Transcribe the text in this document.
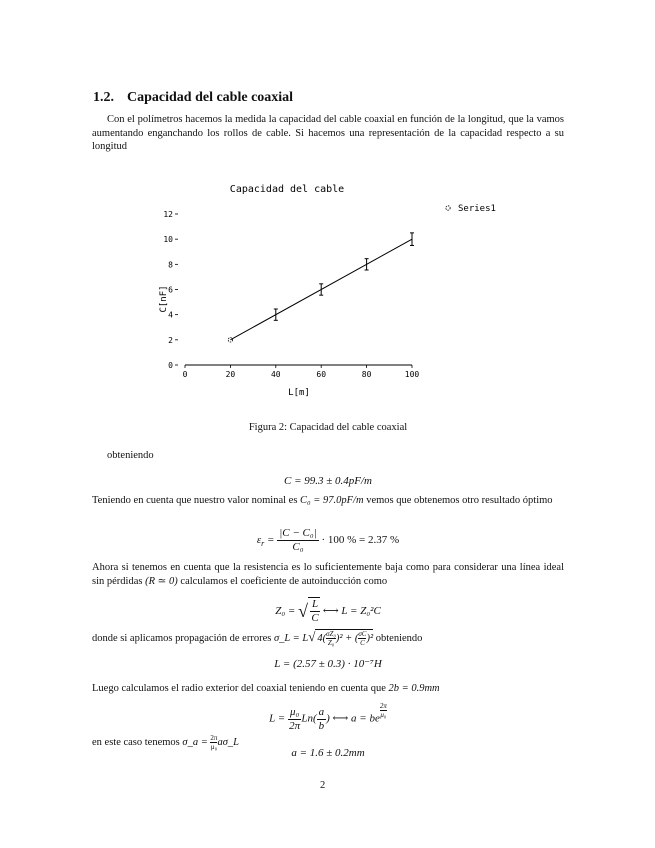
1.2. Capacidad del cable coaxial
Con el polímetros hacemos la medida la capacidad del cable coaxial en función de la longitud, que la vamos aumentando enganchando los rollos de cable. Si hacemos una representación de la capacidad respecto a su longitud
Capacidad del cable
Series1
0
2
4
6
8
10
12
0	20	40	60	80	100
C[nF]
L[m]
Figura 2: Capacidad del cable coaxial
obteniendo
C = 99.3 ± 0.4pF/m
Teniendo en cuenta que nuestro valor nominal es C₀ = 97.0pF/m vemos que obtenemos otro resultado óptimo
$\varepsilon_r = \frac{\text{|C − C₀|}}{\text{C₀}} \cdot 100$ % = 2.37 %
Ahora si tenemos en cuenta que la resistencia es lo suficientemente baja como para considerar una línea ideal sin pérdidas (R ≃ 0) calculamos el coeficiente de autoinducción como
Z₀ = √ $\frac{L}{C}$ ⟷ L = Z₀²C
donde si aplicamos propagación de errores σ_L = L√ $4( \frac{\text{σZ₀}}{\text{Z₀}} )^2$ + ( $\frac{\sigma C}{C} )^2$ obteniendo
L = (2.57 ± 0.3) · 10⁻⁷H
Luego calculamos el radio exterior del coaxial teniendo en cuenta que 2b = 0.9mm
$L = \frac{\text{μ₀}}{2\pi} Ln( \frac{a}{b}$ ) ⟷ a = be $^{\frac{2\pi}{\text{μ₀}}}$
en este caso tenemos σ_a = $\frac{2\pi}{\text{μ₀}}$ aσ_L
a = 1.6 ± 0.2mm
2
